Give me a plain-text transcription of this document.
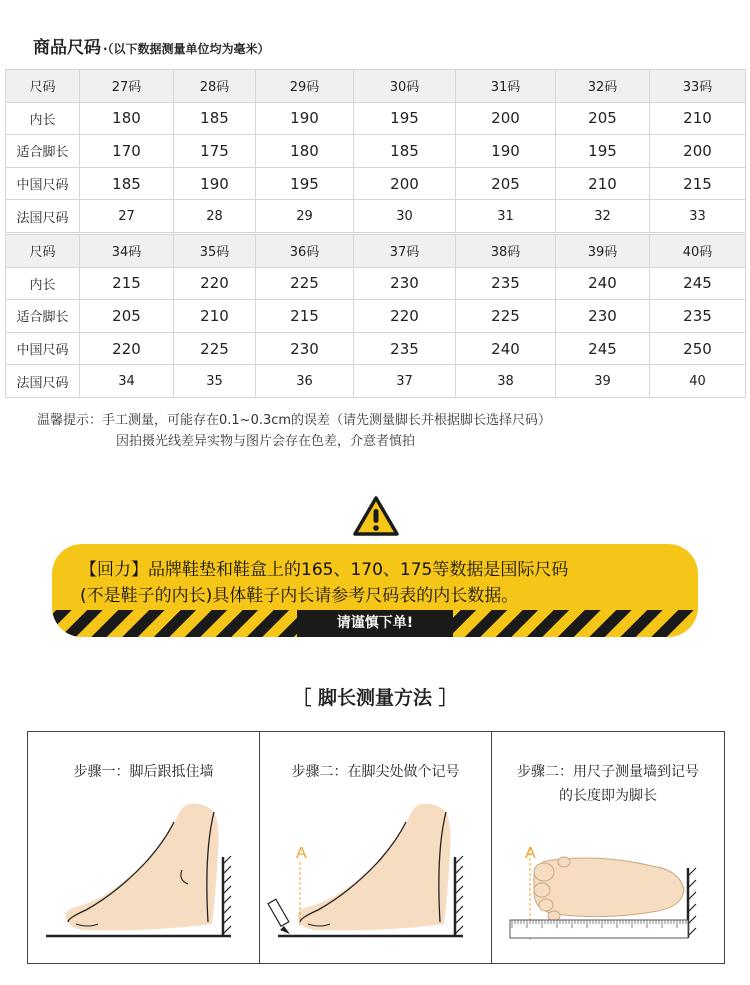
商品尺码 ·（以下数据测量单位均为毫米）
尺码	27码	28码	29码	30码	31码	32码	33码
内长	180	185	190	195	200	205	210
适合脚长	170	175	180	185	190	195	200
中国尺码	185	190	195	200	205	210	215
法国尺码	27	28	29	30	31	32	33
尺码	34码	35码	36码	37码	38码	39码	40码
内长	215	220	225	230	235	240	245
适合脚长	205	210	215	220	225	230	235
中国尺码	220	225	230	235	240	245	250
法国尺码	34	35	36	37	38	39	40
温馨提示：手工测量，可能存在0.1~0.3cm的误差（请先测量脚长并根据脚长选择尺码）
因拍摄光线差异实物与图片会存在色差，介意者慎拍
【回力】品牌鞋垫和鞋盒上的165、170、175等数据是国际尺码
(不是鞋子的内长)具体鞋子内长请参考尺码表的内长数据。
请谨慎下单!
［ 脚长测量方法 ］
步骤一：脚后跟抵住墙	步骤二：在脚尖处做个记号
A
步骤二：用尺子测量墙到记号
的长度即为脚长
A
